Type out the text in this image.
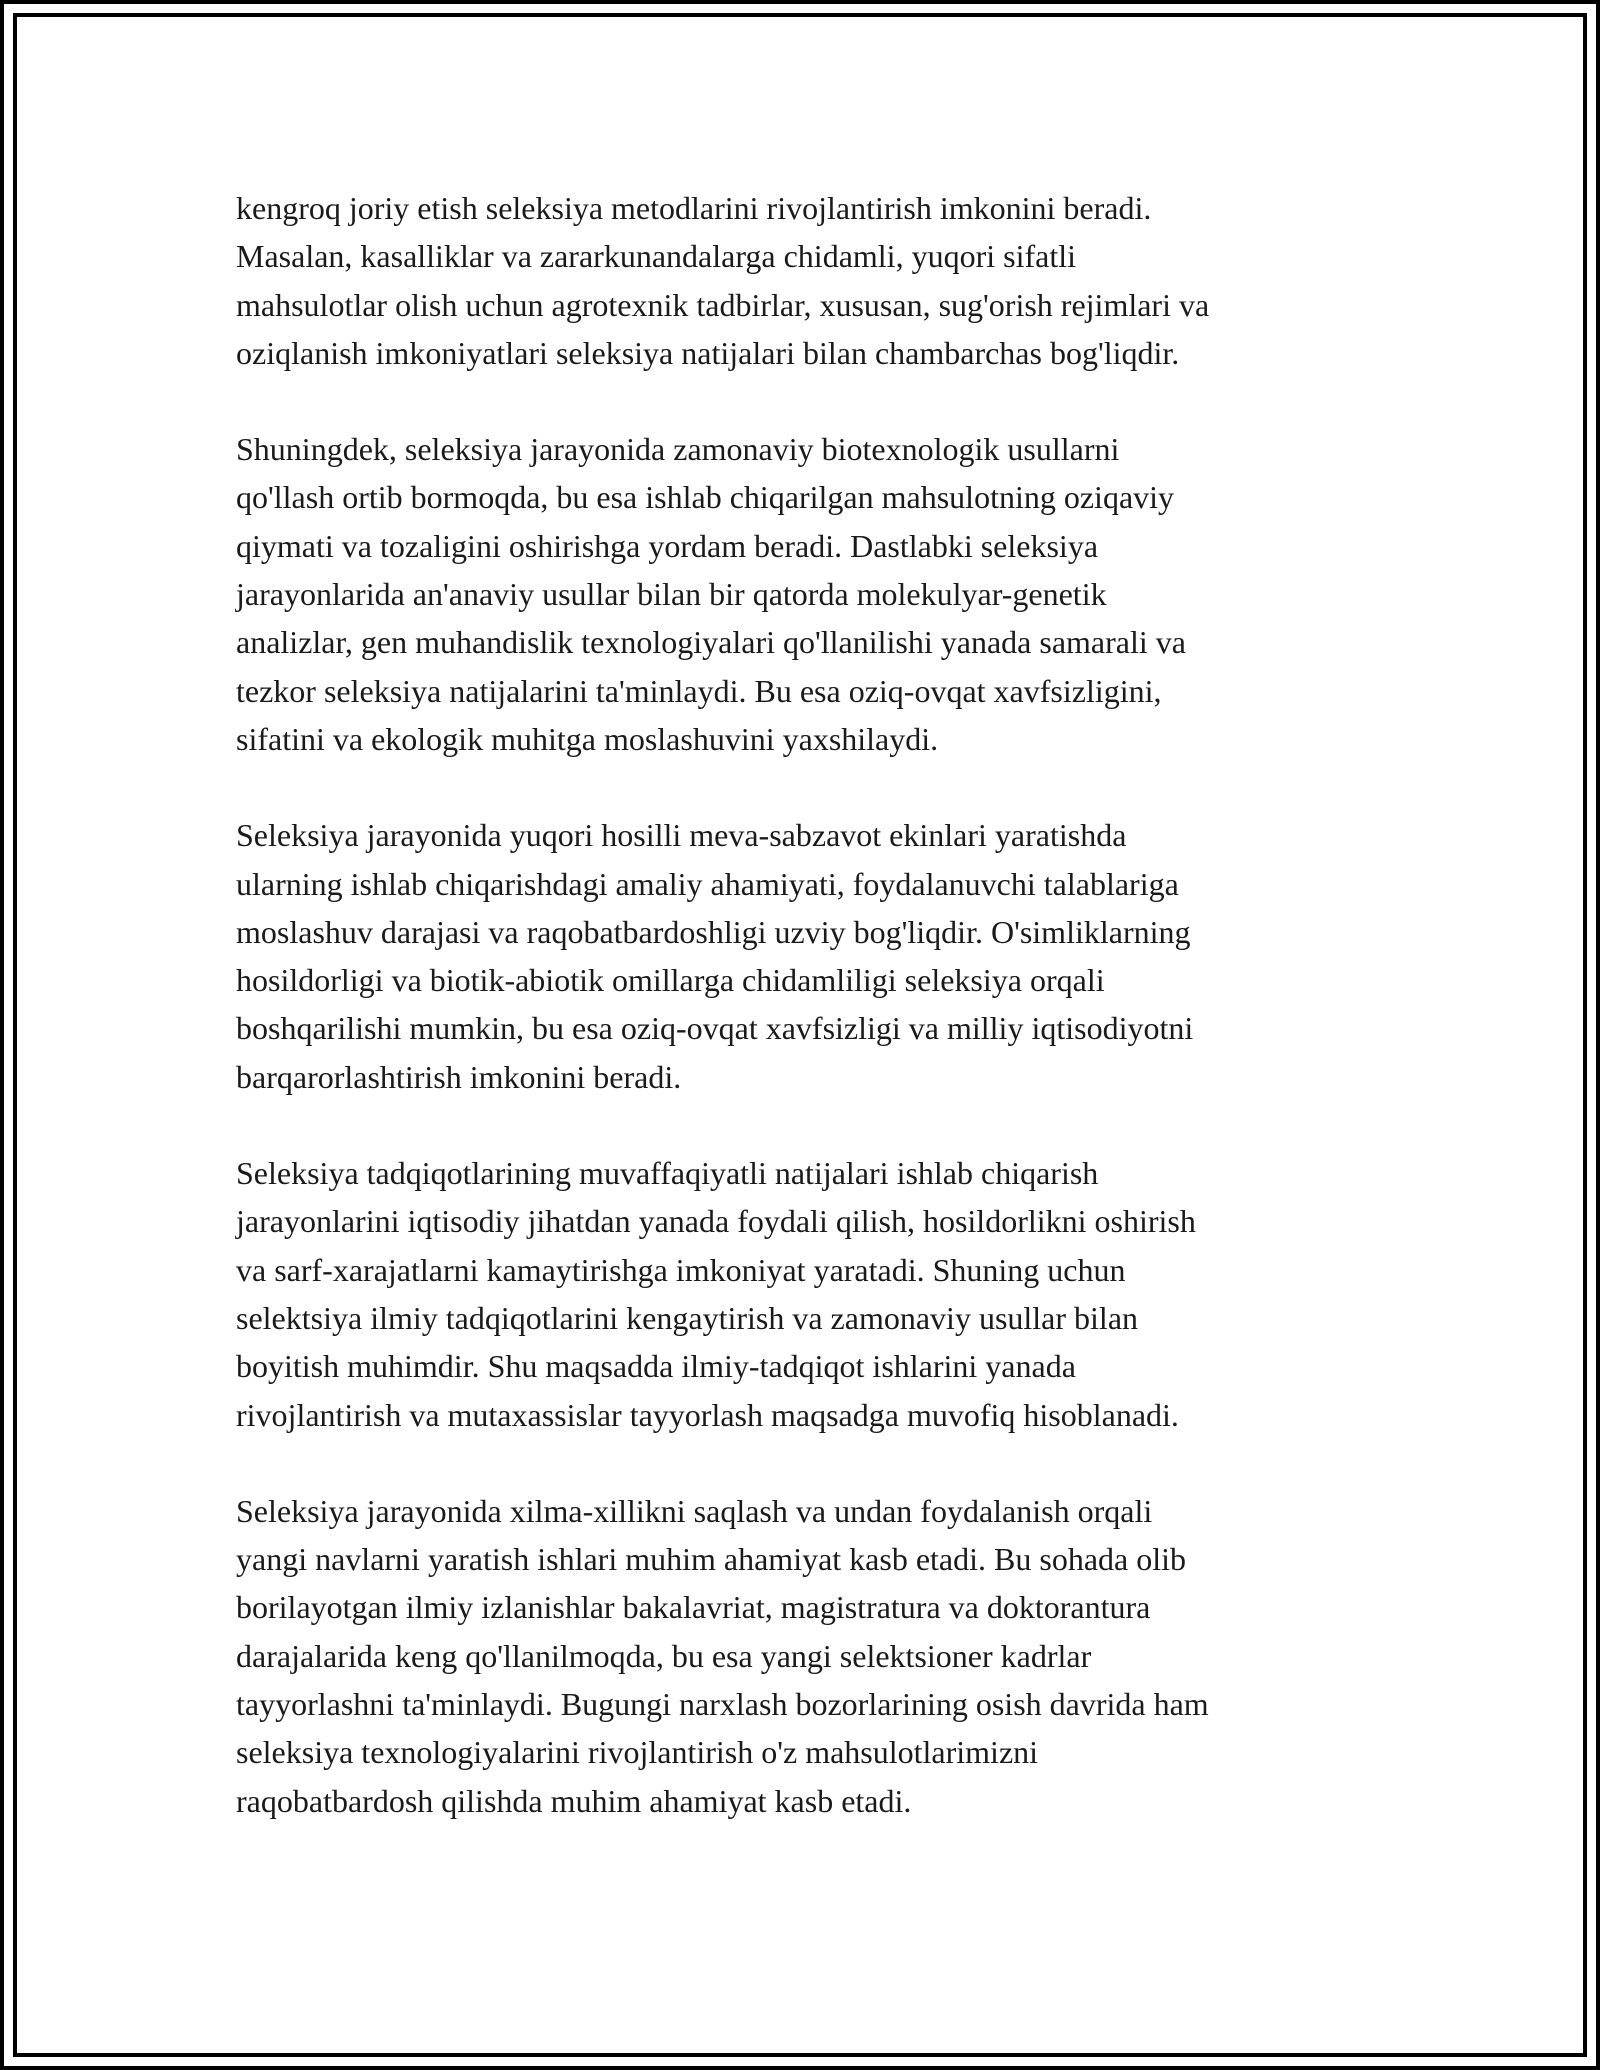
kengroq joriy etish seleksiya metodlarini rivojlantirish imkonini beradi.
Masalan, kasalliklar va zararkunandalarga chidamli, yuqori sifatli
mahsulotlar olish uchun agrotexnik tadbirlar, xususan, sug'orish rejimlari va
oziqlanish imkoniyatlari seleksiya natijalari bilan chambarchas bog'liqdir.

Shuningdek, seleksiya jarayonida zamonaviy biotexnologik usullarni
qo'llash ortib bormoqda, bu esa ishlab chiqarilgan mahsulotning oziqaviy
qiymati va tozaligini oshirishga yordam beradi. Dastlabki seleksiya
jarayonlarida an'anaviy usullar bilan bir qatorda molekulyar-genetik
analizlar, gen muhandislik texnologiyalari qo'llanilishi yanada samarali va
tezkor seleksiya natijalarini ta'minlaydi. Bu esa oziq-ovqat xavfsizligini,
sifatini va ekologik muhitga moslashuvini yaxshilaydi.

Seleksiya jarayonida yuqori hosilli meva-sabzavot ekinlari yaratishda
ularning ishlab chiqarishdagi amaliy ahamiyati, foydalanuvchi talablariga
moslashuv darajasi va raqobatbardoshligi uzviy bog'liqdir. O'simliklarning
hosildorligi va biotik-abiotik omillarga chidamliligi seleksiya orqali
boshqarilishi mumkin, bu esa oziq-ovqat xavfsizligi va milliy iqtisodiyotni
barqarorlashtirish imkonini beradi.

Seleksiya tadqiqotlarining muvaffaqiyatli natijalari ishlab chiqarish
jarayonlarini iqtisodiy jihatdan yanada foydali qilish, hosildorlikni oshirish
va sarf-xarajatlarni kamaytirishga imkoniyat yaratadi. Shuning uchun
selektsiya ilmiy tadqiqotlarini kengaytirish va zamonaviy usullar bilan
boyitish muhimdir. Shu maqsadda ilmiy-tadqiqot ishlarini yanada
rivojlantirish va mutaxassislar tayyorlash maqsadga muvofiq hisoblanadi.

Seleksiya jarayonida xilma-xillikni saqlash va undan foydalanish orqali
yangi navlarni yaratish ishlari muhim ahamiyat kasb etadi. Bu sohada olib
borilayotgan ilmiy izlanishlar bakalavriat, magistratura va doktorantura
darajalarida keng qo'llanilmoqda, bu esa yangi selektsioner kadrlar
tayyorlashni ta'minlaydi. Bugungi narxlash bozorlarining osish davrida ham
seleksiya texnologiyalarini rivojlantirish o'z mahsulotlarimizni
raqobatbardosh qilishda muhim ahamiyat kasb etadi.
